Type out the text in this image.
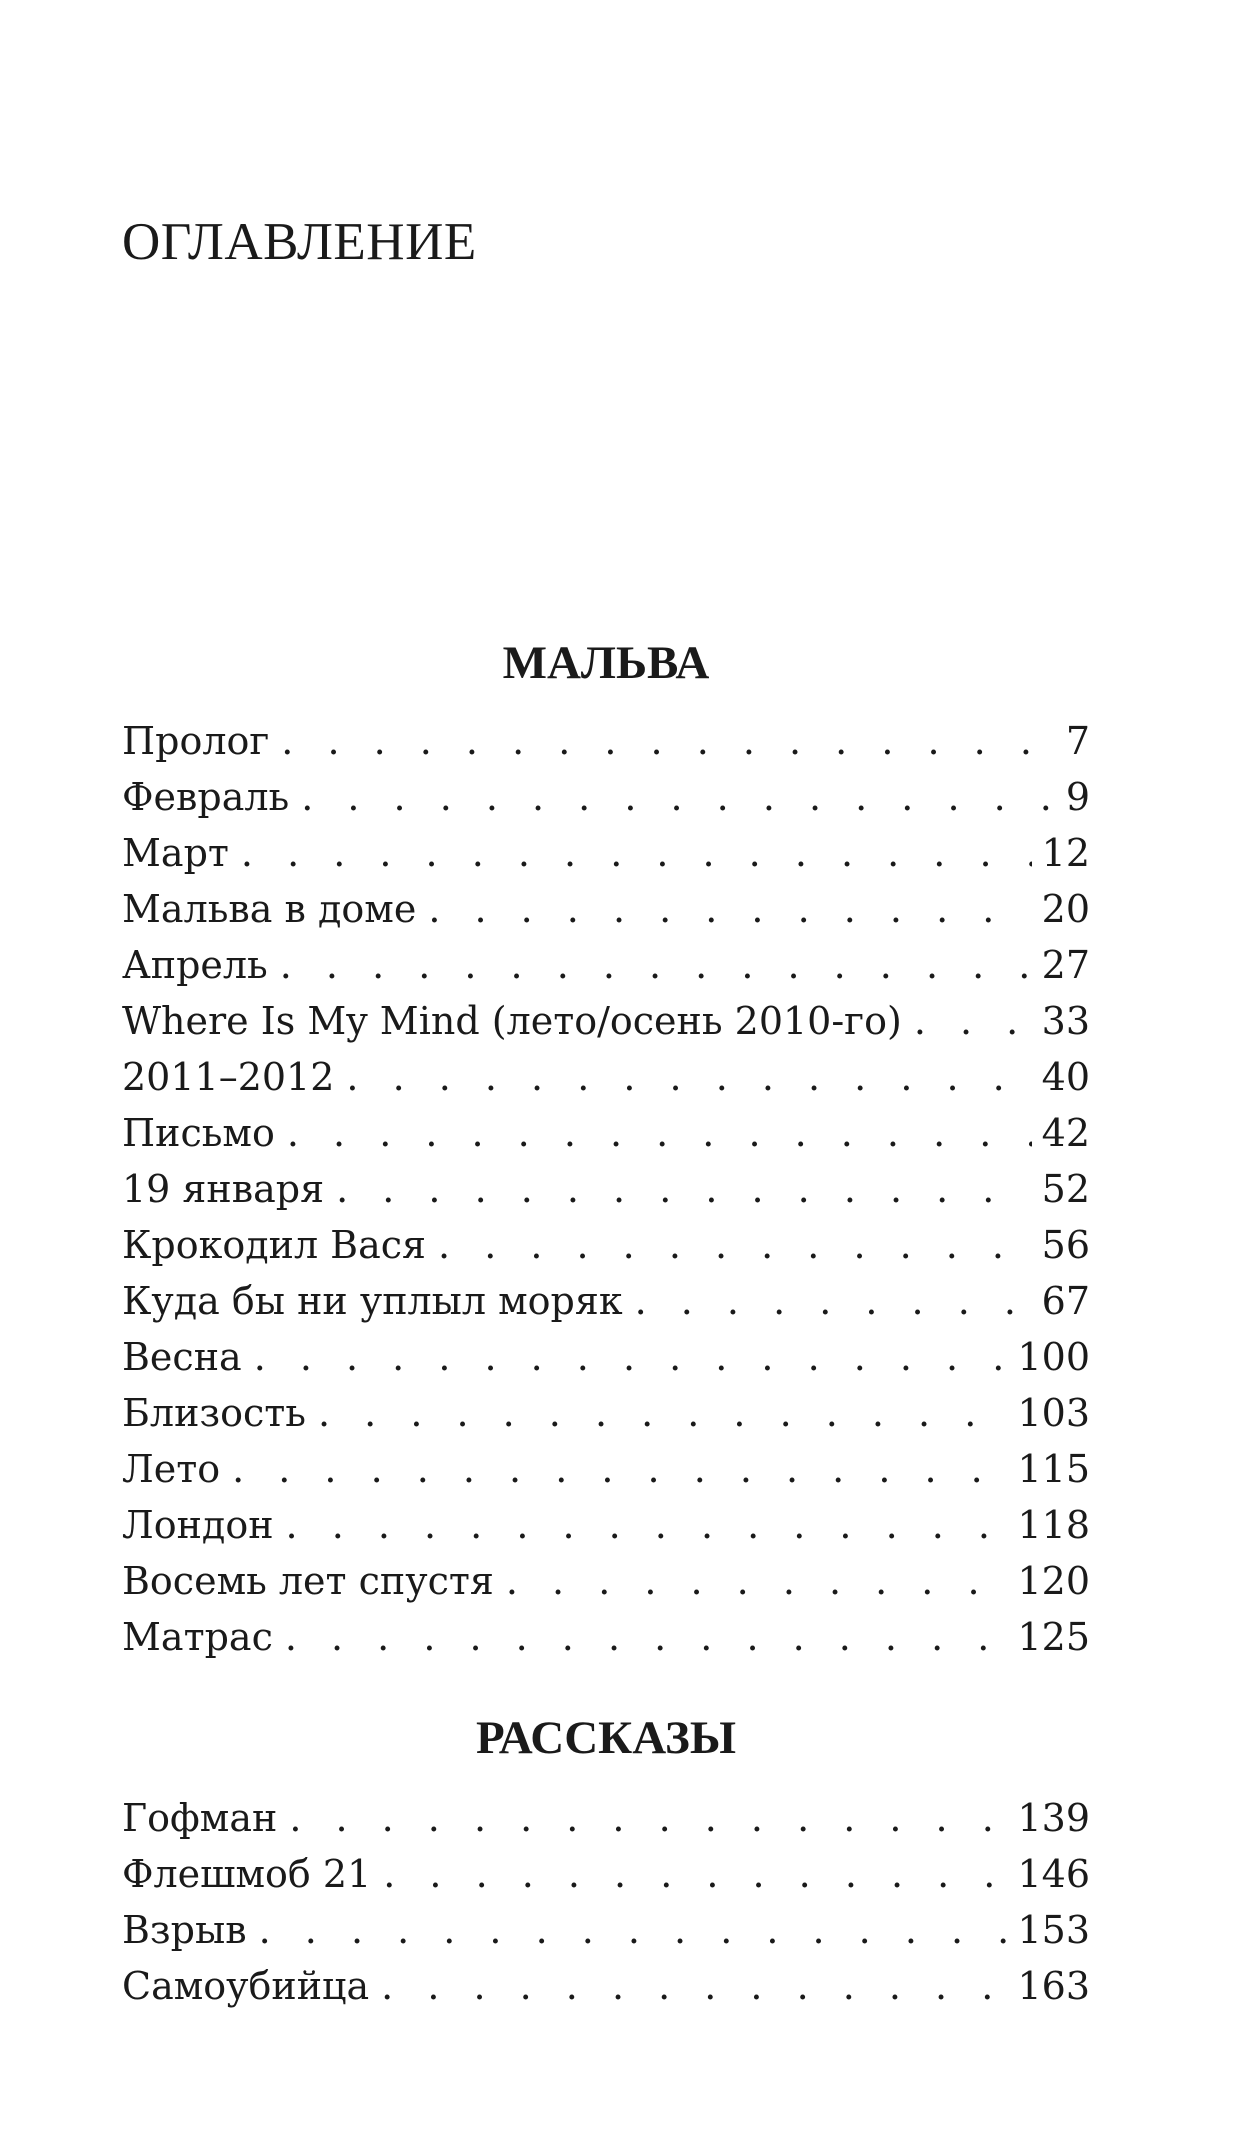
ОГЛАВЛЕНИЕ
МАЛЬВА
Пролог . . .	7
Февраль . . .	9
Март . . .	12
Мальва в доме . . .	20
Апрель . . .	27
Where Is My Mind (лето/осень 2010-го) . . .	33
2011–2012 . . .	40
Письмо . . .	42
19 января . . .	52
Крокодил Вася . . .	56
Куда бы ни уплыл моряк . . .	67
Весна . . .	100
Близость . . .	103
Лето . . .	115
Лондон . . .	118
Восемь лет спустя . . .	120
Матрас . . .	125
РАССКАЗЫ
Гофман . . .	139
Флешмоб 21 . . .	146
Взрыв . . .	153
Самоубийца . . .	163
